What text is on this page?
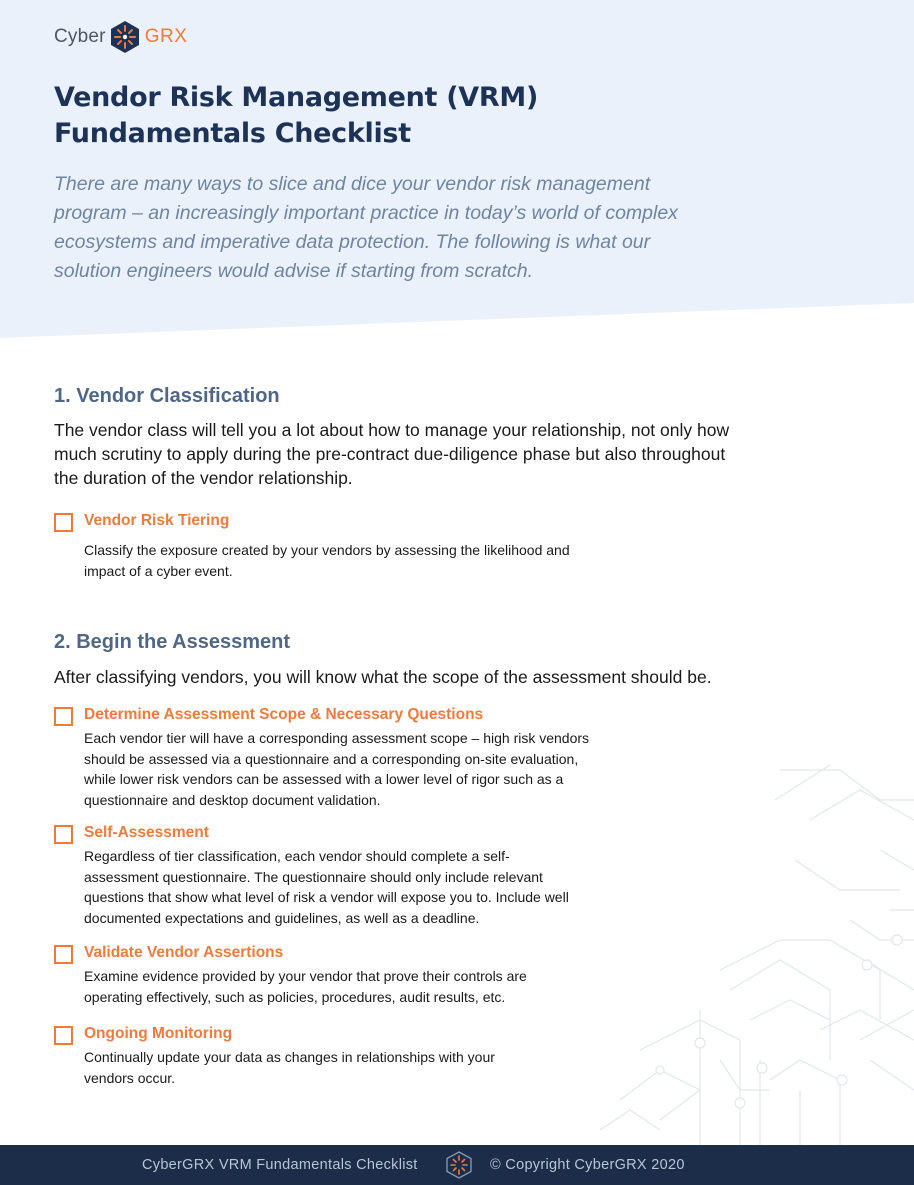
Cyber GRX
Vendor Risk Management (VRM)
Fundamentals Checklist

There are many ways to slice and dice your vendor risk management program – an increasingly important practice in today’s world of complex ecosystems and imperative data protection. The following is what our solution engineers would advise if starting from scratch.

1. Vendor Classification

The vendor class will tell you a lot about how to manage your relationship, not only how much scrutiny to apply during the pre-contract due-diligence phase but also throughout the duration of the vendor relationship.

Vendor Risk Tiering

Classify the exposure created by your vendors by assessing the likelihood and impact of a cyber event.

2. Begin the Assessment

After classifying vendors, you will know what the scope of the assessment should be.

Determine Assessment Scope & Necessary Questions

Each vendor tier will have a corresponding assessment scope – high risk vendors should be assessed via a questionnaire and a corresponding on-site evaluation, while lower risk vendors can be assessed with a lower level of rigor such as a questionnaire and desktop document validation.

Self-Assessment

Regardless of tier classification, each vendor should complete a self-assessment questionnaire. The questionnaire should only include relevant questions that show what level of risk a vendor will expose you to. Include well documented expectations and guidelines, as well as a deadline.

Validate Vendor Assertions

Examine evidence provided by your vendor that prove their controls are operating effectively, such as policies, procedures, audit results, etc.

Ongoing Monitoring

Continually update your data as changes in relationships with your vendors occur.

CyberGRX VRM Fundamentals Checklist	© Copyright CyberGRX 2020
